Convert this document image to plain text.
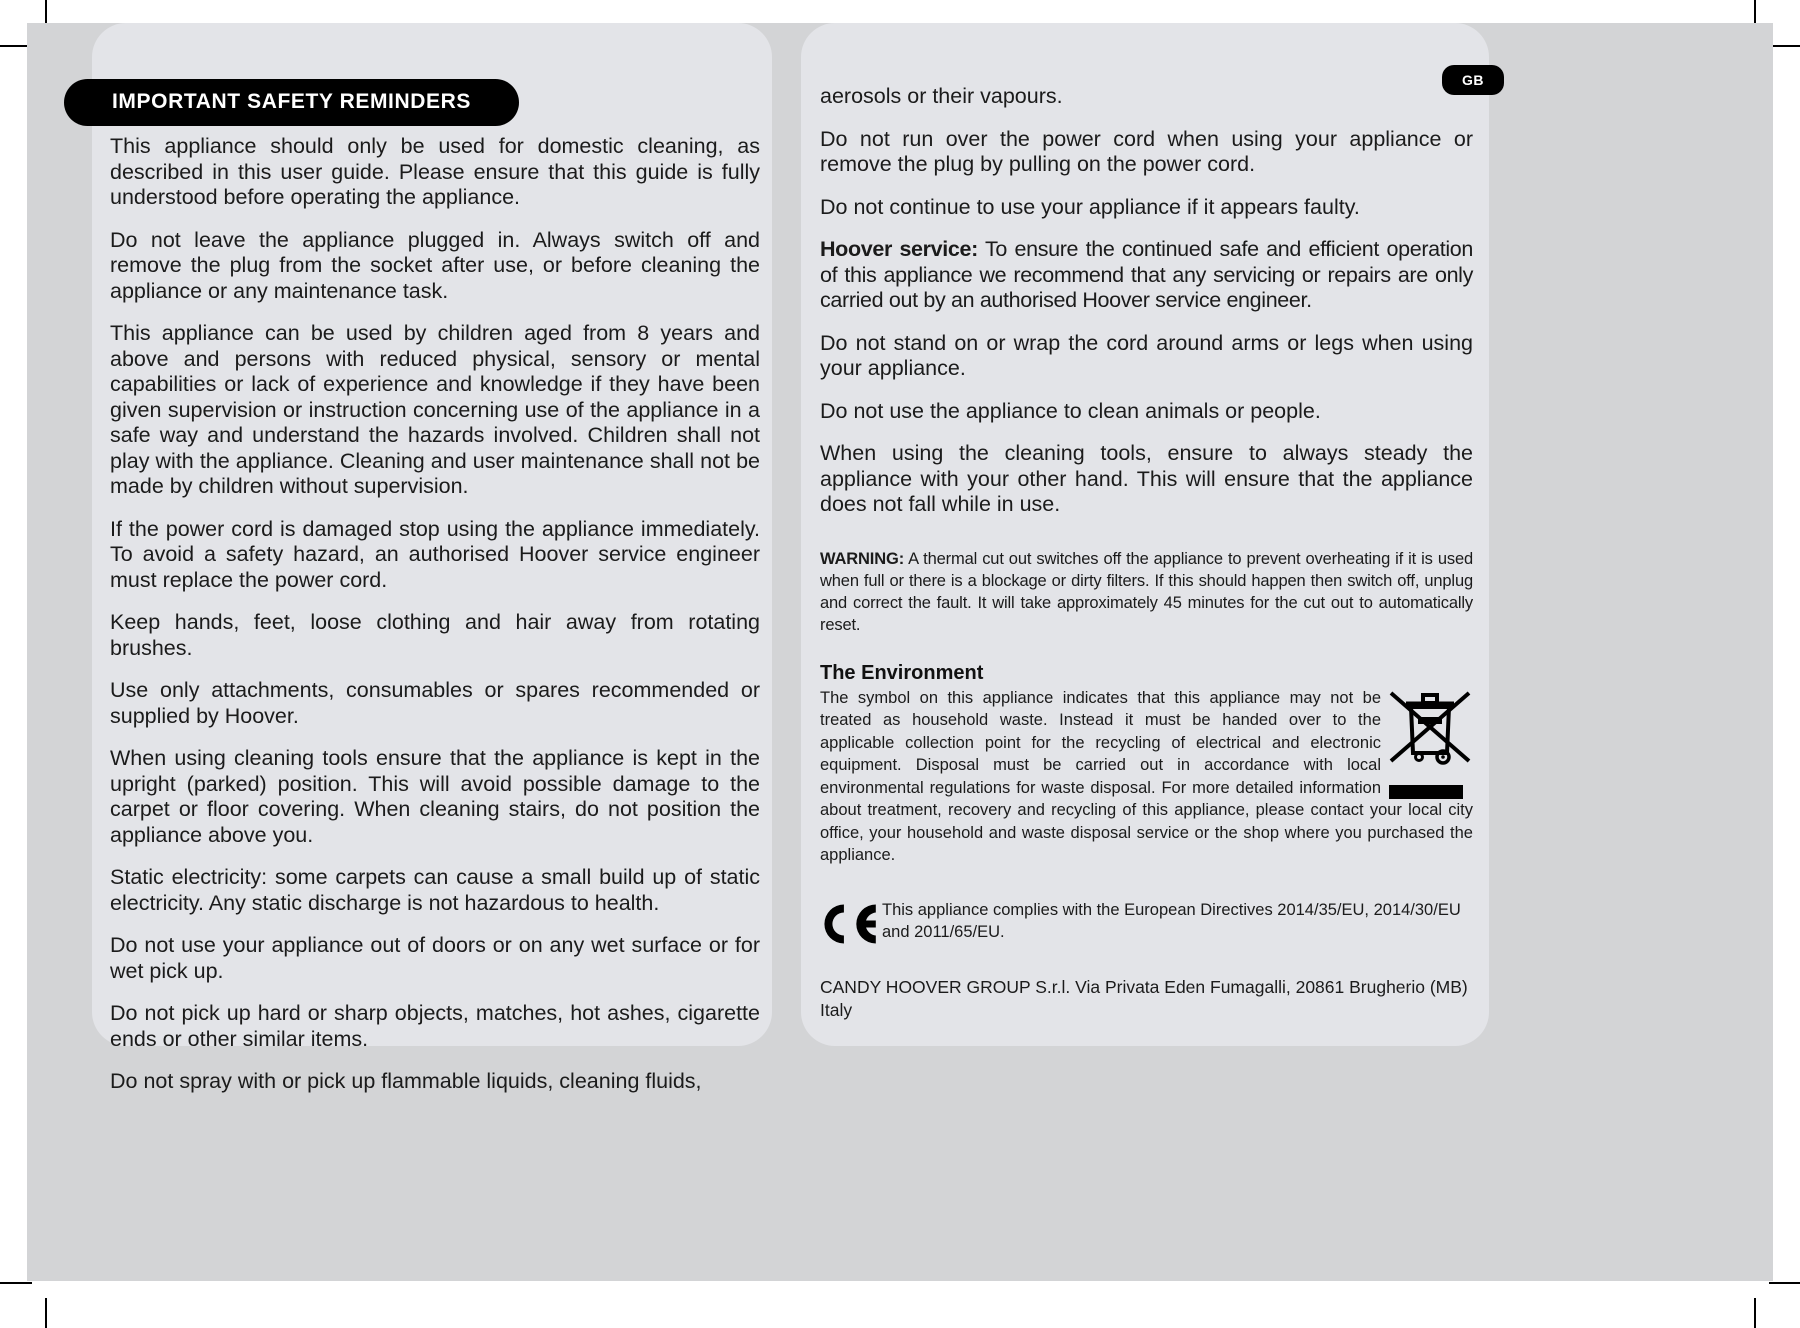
IMPORTANT SAFETY REMINDERS
GB

This appliance should only be used for domestic cleaning, as described in this user guide. Please ensure that this guide is fully understood before operating the appliance.

Do not leave the appliance plugged in. Always switch off and remove the plug from the socket after use, or before cleaning the appliance or any maintenance task.

This appliance can be used by children aged from 8 years and above and persons with reduced physical, sensory or mental capabilities or lack of experience and knowledge if they have been given supervision or instruction concerning use of the appliance in a safe way and understand the hazards involved. Children shall not play with the appliance. Cleaning and user maintenance shall not be made by children without supervision.

If the power cord is damaged stop using the appliance immediately. To avoid a safety hazard, an authorised Hoover service engineer must replace the power cord.

Keep hands, feet, loose clothing and hair away from rotating brushes.

Use only attachments, consumables or spares recommended or supplied by Hoover.

When using cleaning tools ensure that the appliance is kept in the upright (parked) position. This will avoid possible damage to the carpet or floor covering. When cleaning stairs, do not position the appliance above you.

Static electricity: some carpets can cause a small build up of static electricity. Any static discharge is not hazardous to health.

Do not use your appliance out of doors or on any wet surface or for wet pick up.

Do not pick up hard or sharp objects, matches, hot ashes, cigarette ends or other similar items.

Do not spray with or pick up flammable liquids, cleaning fluids,

aerosols or their vapours.

Do not run over the power cord when using your appliance or remove the plug by pulling on the power cord.

Do not continue to use your appliance if it appears faulty.

Hoover service: To ensure the continued safe and efficient operation of this appliance we recommend that any servicing or repairs are only carried out by an authorised Hoover service engineer.

Do not stand on or wrap the cord around arms or legs when using your appliance.

Do not use the appliance to clean animals or people.

When using the cleaning tools, ensure to always steady the appliance with your other hand. This will ensure that the appliance does not fall while in use.

WARNING: A thermal cut out switches off the appliance to prevent overheating if it is used when full or there is a blockage or dirty filters. If this should happen then switch off, unplug and correct the fault. It will take approximately 45 minutes for the cut out to automatically reset.

The Environment
The symbol on this appliance indicates that this appliance may not be treated as household waste. Instead it must be handed over to the applicable collection point for the recycling of electrical and electronic equipment. Disposal must be carried out in accordance with local environmental regulations for waste disposal. For more detailed information about treatment, recovery and recycling of this appliance, please contact your local city office, your household and waste disposal service or the shop where you purchased the appliance.
This appliance complies with the European Directives 2014/35/EU, 2014/30/EU and 2011/65/EU.
CANDY HOOVER GROUP S.r.l. Via Privata Eden Fumagalli, 20861 Brugherio (MB) Italy
